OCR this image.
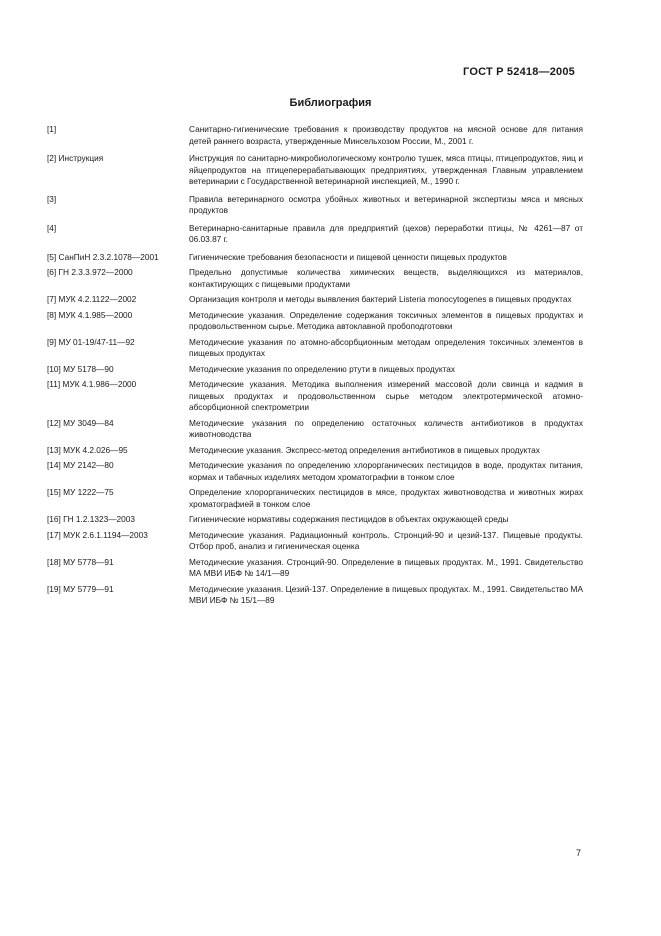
ГОСТ Р 52418—2005
Библиография
[1]	Санитарно-гигиенические требования к производству продуктов на мясной основе для питания детей раннего возраста, утвержденные Минсельхозом России, М., 2001 г.
[2] Инструкция	Инструкция по санитарно-микробиологическому контролю тушек, мяса птицы, птицепродуктов, яиц и яйцепродуктов на птицеперерабатывающих предприятиях, утвержденная Главным управлением ветеринарии с Государственной ветеринарной инспекцией, М., 1990 г.
[3]	Правила ветеринарного осмотра убойных животных и ветеринарной экспертизы мяса и мясных продуктов
[4]	Ветеринарно-санитарные правила для предприятий (цехов) переработки птицы, № 4261—87 от 06.03.87 г.
[5] СанПиН 2.3.2.1078—2001	Гигиенические требования безопасности и пищевой ценности пищевых продуктов
[6] ГН 2.3.3.972—2000	Предельно допустимые количества химических веществ, выделяющихся из материалов, контактирующих с пищевыми продуктами
[7] МУК 4.2.1122—2002	Организация контроля и методы выявления бактерий Listeria monocytogenes в пищевых продуктах
[8] МУК 4.1.985—2000	Методические указания. Определение содержания токсичных элементов в пищевых продуктах и продовольственном сырье. Методика автоклавной пробоподготовки
[9] МУ 01-19/47-11—92	Методические указания по атомно-абсорбционным методам определения токсичных элементов в пищевых продуктах
[10] МУ 5178—90	Методические указания по определению ртути в пищевых продуктах
[11] МУК 4.1.986—2000	Методические указания. Методика выполнения измерений массовой доли свинца и кадмия в пищевых продуктах и продовольственном сырье методом электротермической атомно-абсорбционной спектрометрии
[12] МУ 3049—84	Методические указания по определению остаточных количеств антибиотиков в продуктах животноводства
[13] МУК 4.2.026—95	Методические указания. Экспресс-метод определения антибиотиков в пищевых продуктах
[14] МУ 2142—80	Методические указания по определению хлорорганических пестицидов в воде, продуктах питания, кормах и табачных изделиях методом хроматографии в тонком слое
[15] МУ 1222—75	Определение хлорорганических пестицидов в мясе, продуктах животноводства и животных жирах хроматографией в тонком слое
[16] ГН 1.2.1323—2003	Гигиенические нормативы содержания пестицидов в объектах окружающей среды
[17] МУК 2.6.1.1194—2003	Методические указания. Радиационный контроль. Стронций-90 и цезий-137. Пищевые продукты. Отбор проб, анализ и гигиеническая оценка
[18] МУ 5778—91	Методические указания. Стронций-90. Определение в пищевых продуктах. М., 1991. Свидетельство МА МВИ ИБФ № 14/1—89
[19] МУ 5779—91	Методические указания. Цезий-137. Определение в пищевых продуктах. М., 1991. Свидетельство МА МВИ ИБФ № 15/1—89
7
